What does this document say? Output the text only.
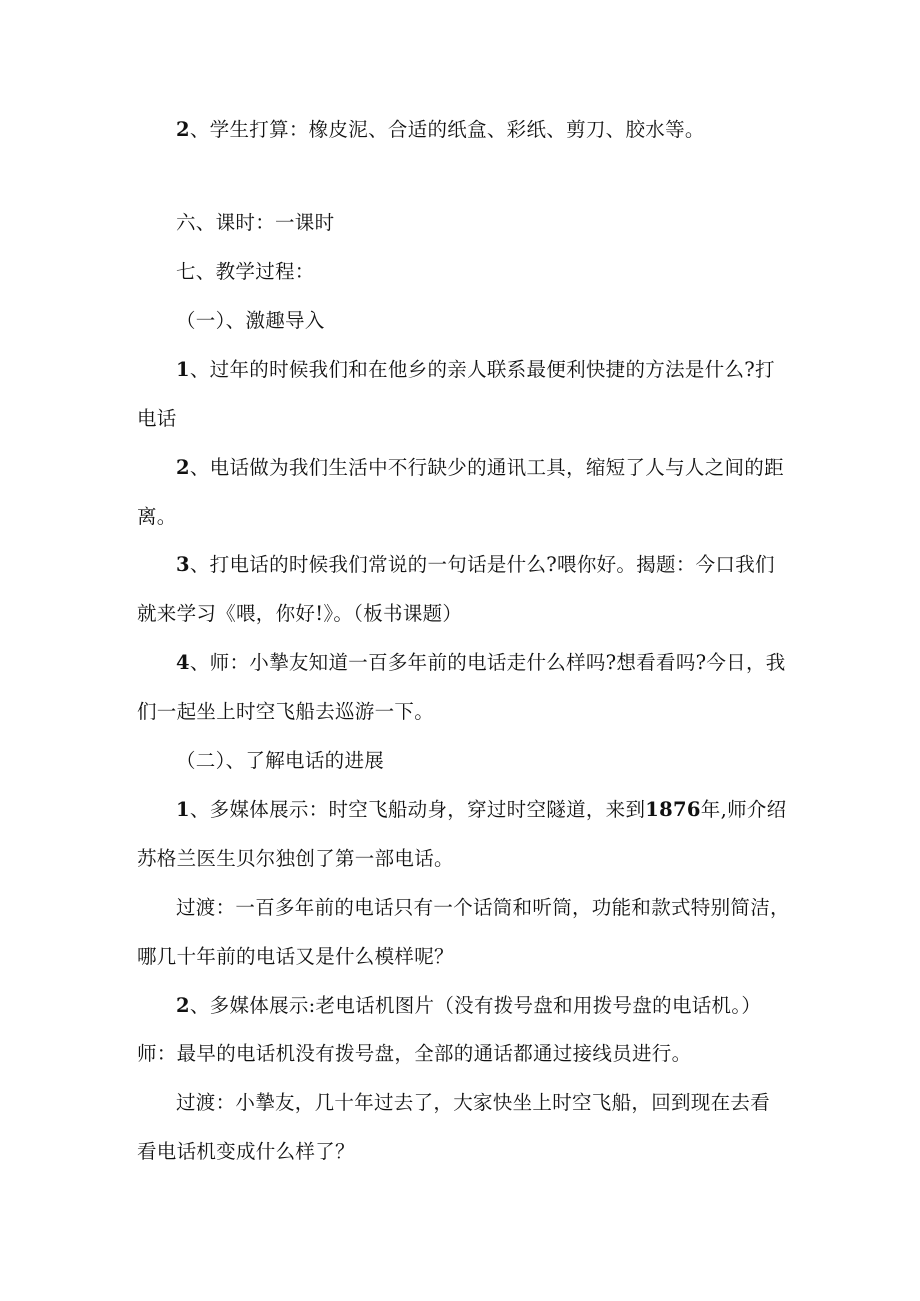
2、学生打算：橡皮泥、合适的纸盒、彩纸、剪刀、胶水等。
六、课时：一课时
七、教学过程：
（一）、激趣导入
1、过年的时候我们和在他乡的亲人联系最便利快捷的方法是什么?打
电话
2、电话做为我们生活中不行缺少的通讯工具，缩短了人与人之间的距
离。
3、打电话的时候我们常说的一句话是什么?喂你好。揭题：今口我们
就来学习《喂，你好!》。（板书课题）
4、师：小摯友知道一百多年前的电话走什么样吗?想看看吗?今日，我
们一起坐上时空飞船去巡游一下。
（二）、了解电话的进展
1、多媒体展示：时空飞船动身，穿过时空隧道，来到1876年,师介绍
苏格兰医生贝尔独创了第一部电话。
过渡：一百多年前的电话只有一个话筒和听筒，功能和款式特别简洁，
哪几十年前的电话又是什么模样呢？
2、多媒体展示:老电话机图片（没有拨号盘和用拨号盘的电话机。）
师：最早的电话机没有拨号盘，全部的通话都通过接线员进行。
过渡：小摯友，几十年过去了，大家快坐上时空飞船，回到现在去看
看电话机变成什么样了？
